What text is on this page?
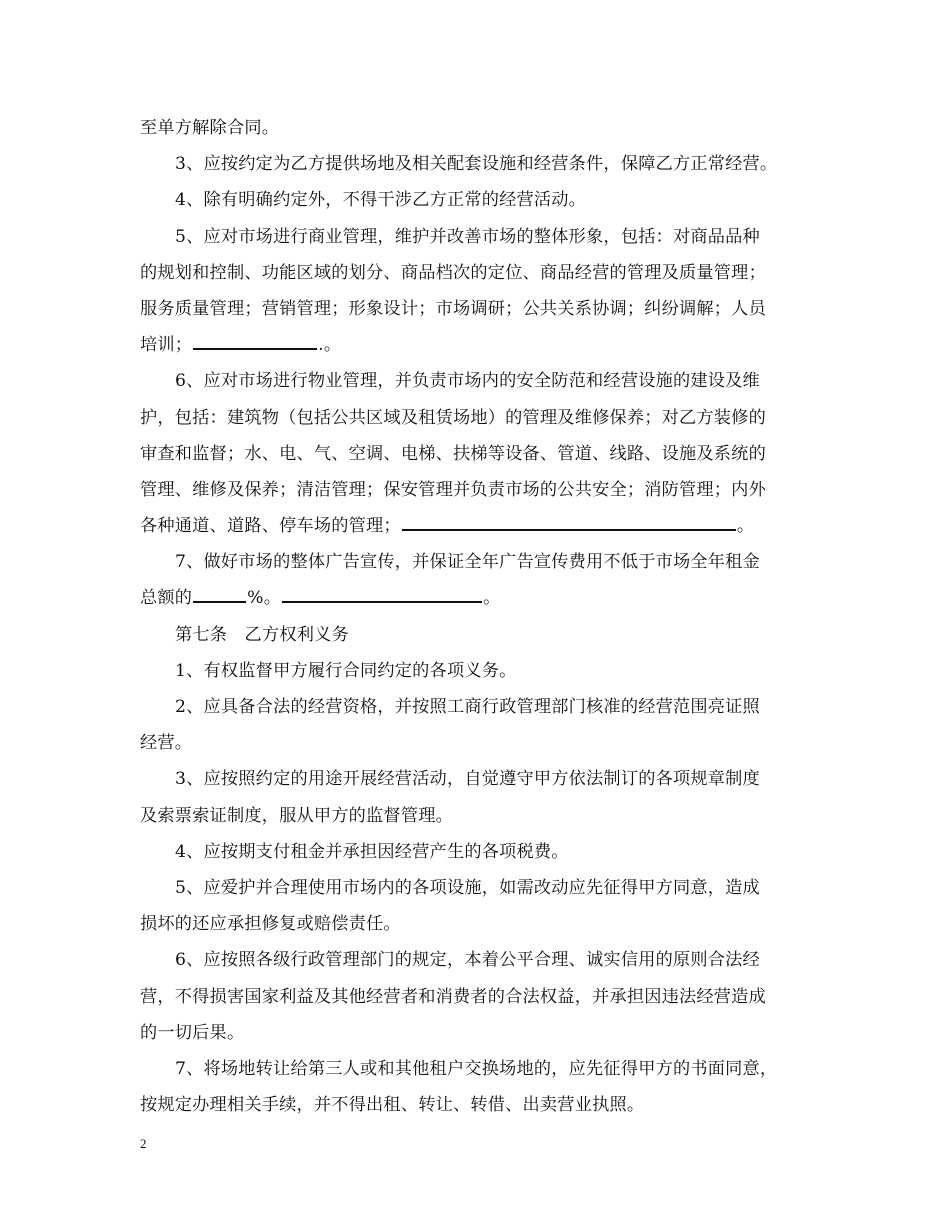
至单方解除合同。
3、应按约定为乙方提供场地及相关配套设施和经营条件，保障乙方正常经营。
4、除有明确约定外，不得干涉乙方正常的经营活动。
5、应对市场进行商业管理，维护并改善市场的整体形象，包括：对商品品种
的规划和控制、功能区域的划分、商品档次的定位、商品经营的管理及质量管理；
服务质量管理；营销管理；形象设计；市场调研；公共关系协调；纠纷调解；人员
培训；	.。
6、应对市场进行物业管理，并负责市场内的安全防范和经营设施的建设及维
护，包括：建筑物（包括公共区域及租赁场地）的管理及维修保养；对乙方装修的
审查和监督；水、电、气、空调、电梯、扶梯等设备、管道、线路、设施及系统的
管理、维修及保养；清洁管理；保安管理并负责市场的公共安全；消防管理；内外
各种通道、道路、停车场的管理；	。
7、做好市场的整体广告宣传，并保证全年广告宣传费用不低于市场全年租金
总额的	%。	。
第七条　乙方权利义务
1、有权监督甲方履行合同约定的各项义务。
2、应具备合法的经营资格，并按照工商行政管理部门核准的经营范围亮证照
经营。
3、应按照约定的用途开展经营活动，自觉遵守甲方依法制订的各项规章制度
及索票索证制度，服从甲方的监督管理。
4、应按期支付租金并承担因经营产生的各项税费。
5、应爱护并合理使用市场内的各项设施，如需改动应先征得甲方同意，造成
损坏的还应承担修复或赔偿责任。
6、应按照各级行政管理部门的规定，本着公平合理、诚实信用的原则合法经
营，不得损害国家利益及其他经营者和消费者的合法权益，并承担因违法经营造成
的一切后果。
7、将场地转让给第三人或和其他租户交换场地的，应先征得甲方的书面同意，
按规定办理相关手续，并不得出租、转让、转借、出卖营业执照。
2
